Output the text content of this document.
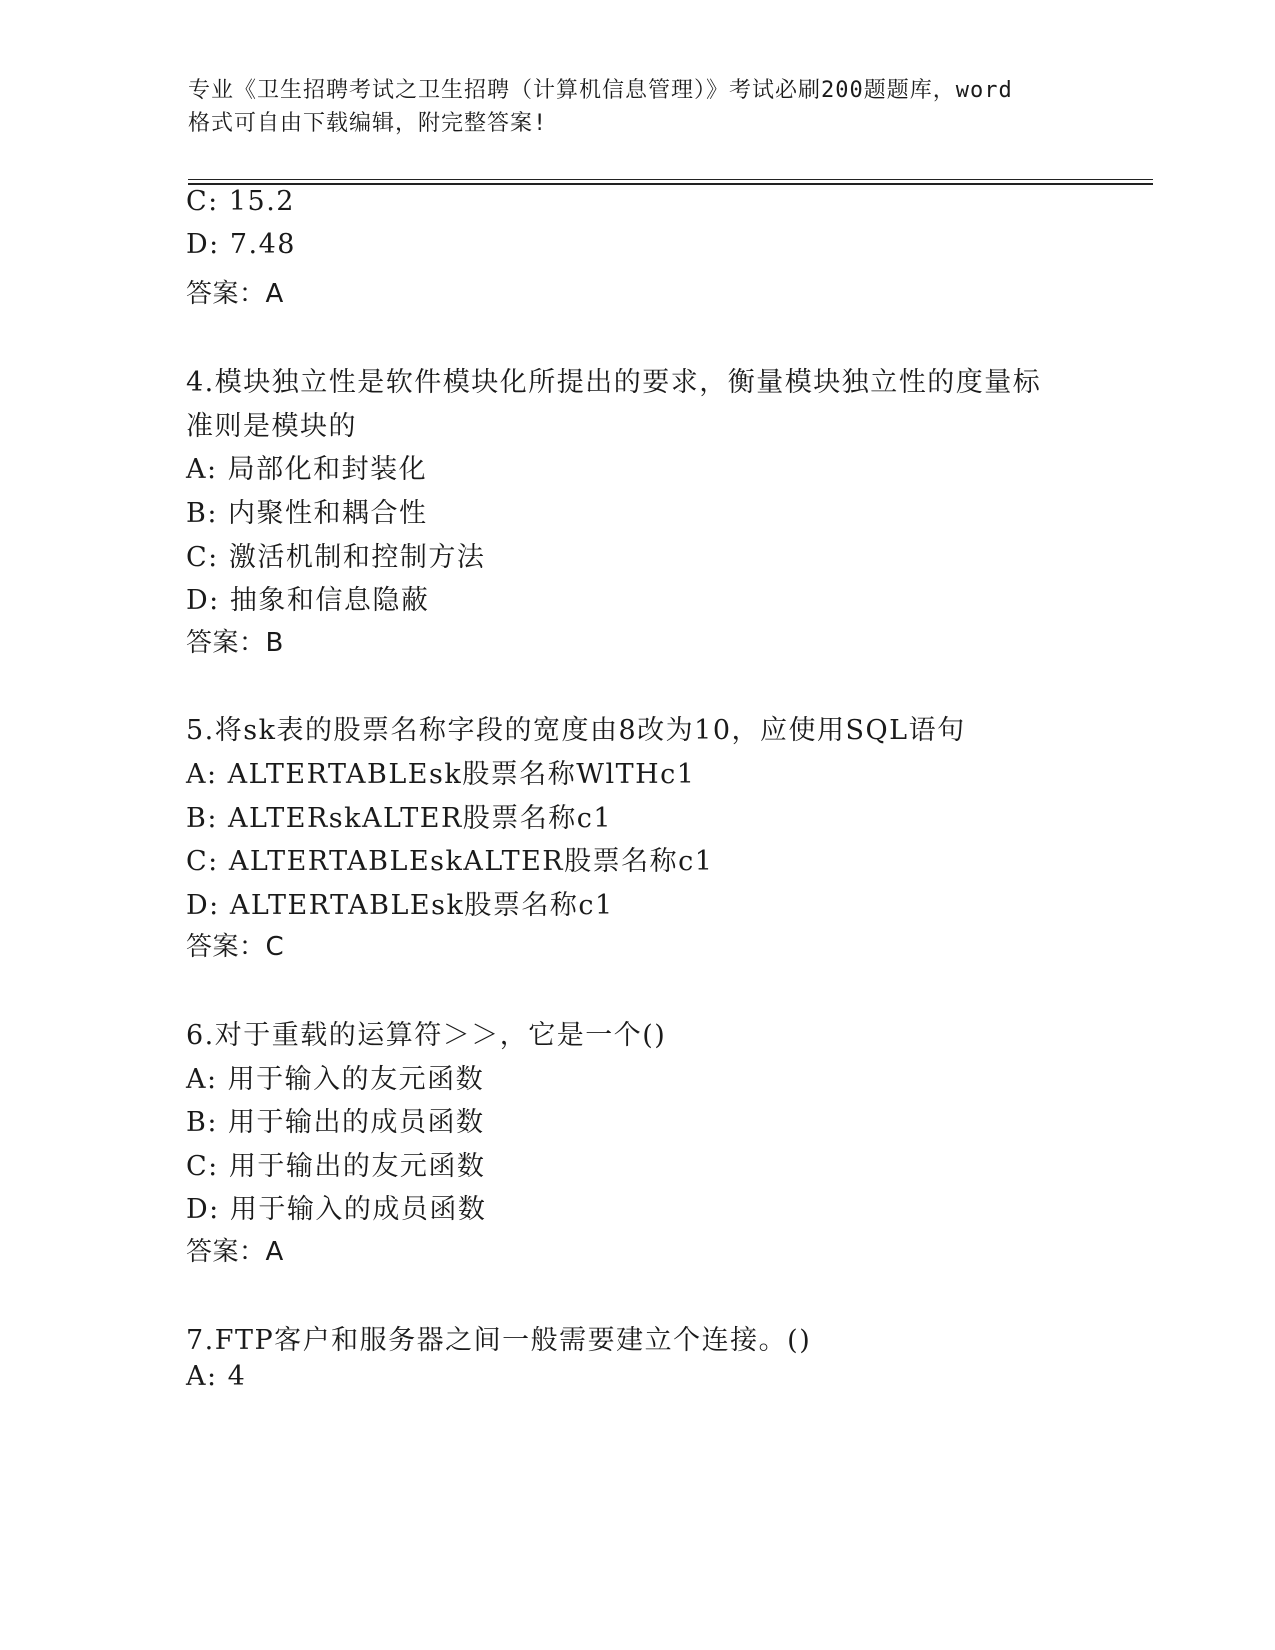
专业《卫生招聘考试之卫生招聘（计算机信息管理）》考试必刷200题题库，word
格式可自由下载编辑，附完整答案!
C: 15.2
D: 7.48
答案：A
4.模块独立性是软件模块化所提出的要求，衡量模块独立性的度量标
准则是模块的
A: 局部化和封装化
B: 内聚性和耦合性
C: 激活机制和控制方法
D: 抽象和信息隐蔽
答案：B
5.将sk表的股票名称字段的宽度由8改为10，应使用SQL语句
A: ALTERTABLEsk股票名称WlTHc1
B: ALTERskALTER股票名称c1
C: ALTERTABLEskALTER股票名称c1
D: ALTERTABLEsk股票名称c1
答案：C
6.对于重载的运算符＞＞，它是一个()
A: 用于输入的友元函数
B: 用于输出的成员函数
C: 用于输出的友元函数
D: 用于输入的成员函数
答案：A
7.FTP客户和服务器之间一般需要建立个连接。()
A: 4
